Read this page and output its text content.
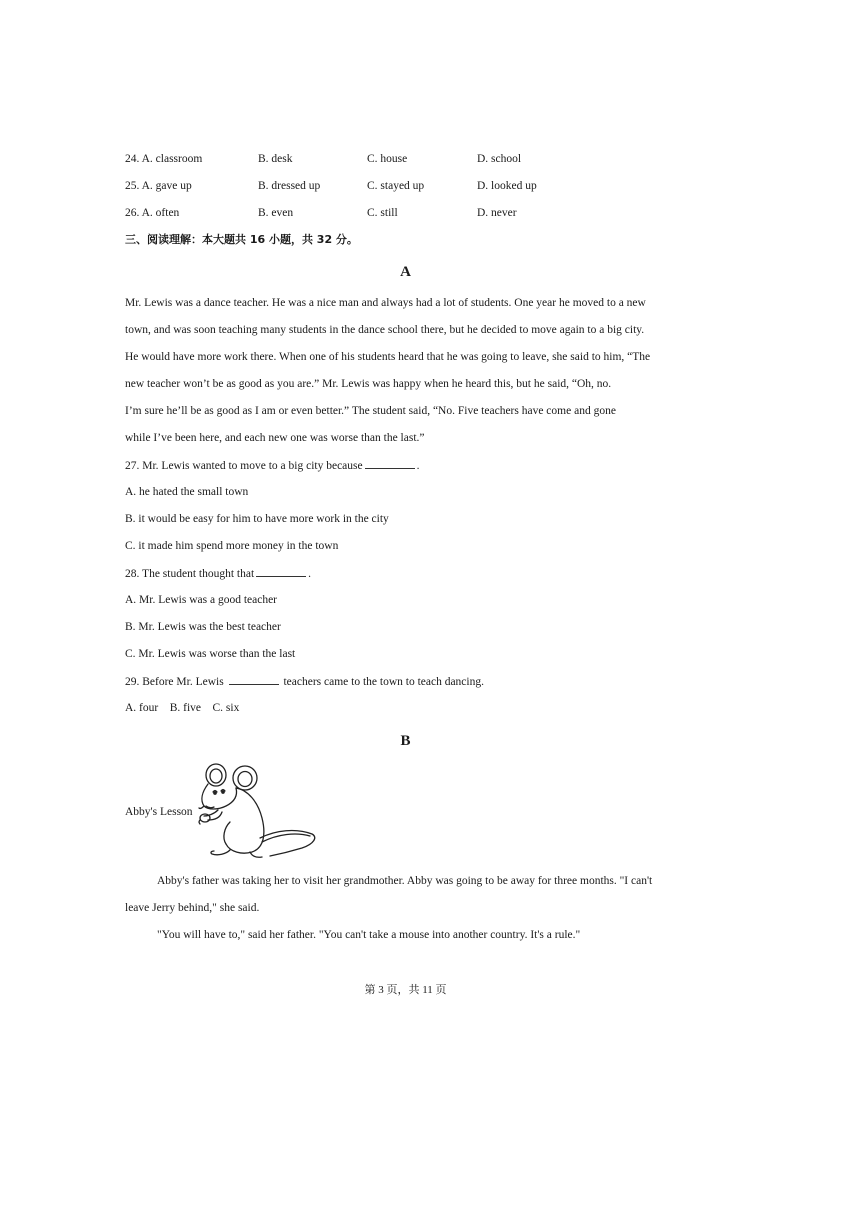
24. A. classroom	B. desk	C. house	D. school
25. A. gave up	B. dressed up	C. stayed up	D. looked up
26. A. often	B. even	C. still	D. never
三、阅读理解：本大题共 16 小题，共 32 分。
A
Mr. Lewis was a dance teacher. He was a nice man and always had a lot of students. One year he moved to a new
town, and was soon teaching many students in the dance school there, but he decided to move again to a big city.
He would have more work there. When one of his students heard that he was going to leave, she said to him, “The
new teacher won’t be as good as you are.” Mr. Lewis was happy when he heard this, but he said, “Oh, no.
I’m sure he’ll be as good as I am or even better.” The student said, “No. Five teachers have come and gone
while I’ve been here, and each new one was worse than the last.”
27. Mr. Lewis wanted to move to a big city because	.
A. he hated the small town
B. it would be easy for him to have more work in the city
C. it made him spend more money in the town
28. The student thought that	.
A. Mr. Lewis was a good teacher
B. Mr. Lewis was the best teacher
C. Mr. Lewis was worse than the last
29. Before Mr. Lewis	teachers came to the town to teach dancing.
A. four    B. five    C. six
B
Abby's Lesson
Abby's father was taking her to visit her grandmother. Abby was going to be away for three months. "I can't
leave Jerry behind," she said.
"You will have to," said her father. "You can't take a mouse into another country. It's a rule."
第 3 页，共 11 页
